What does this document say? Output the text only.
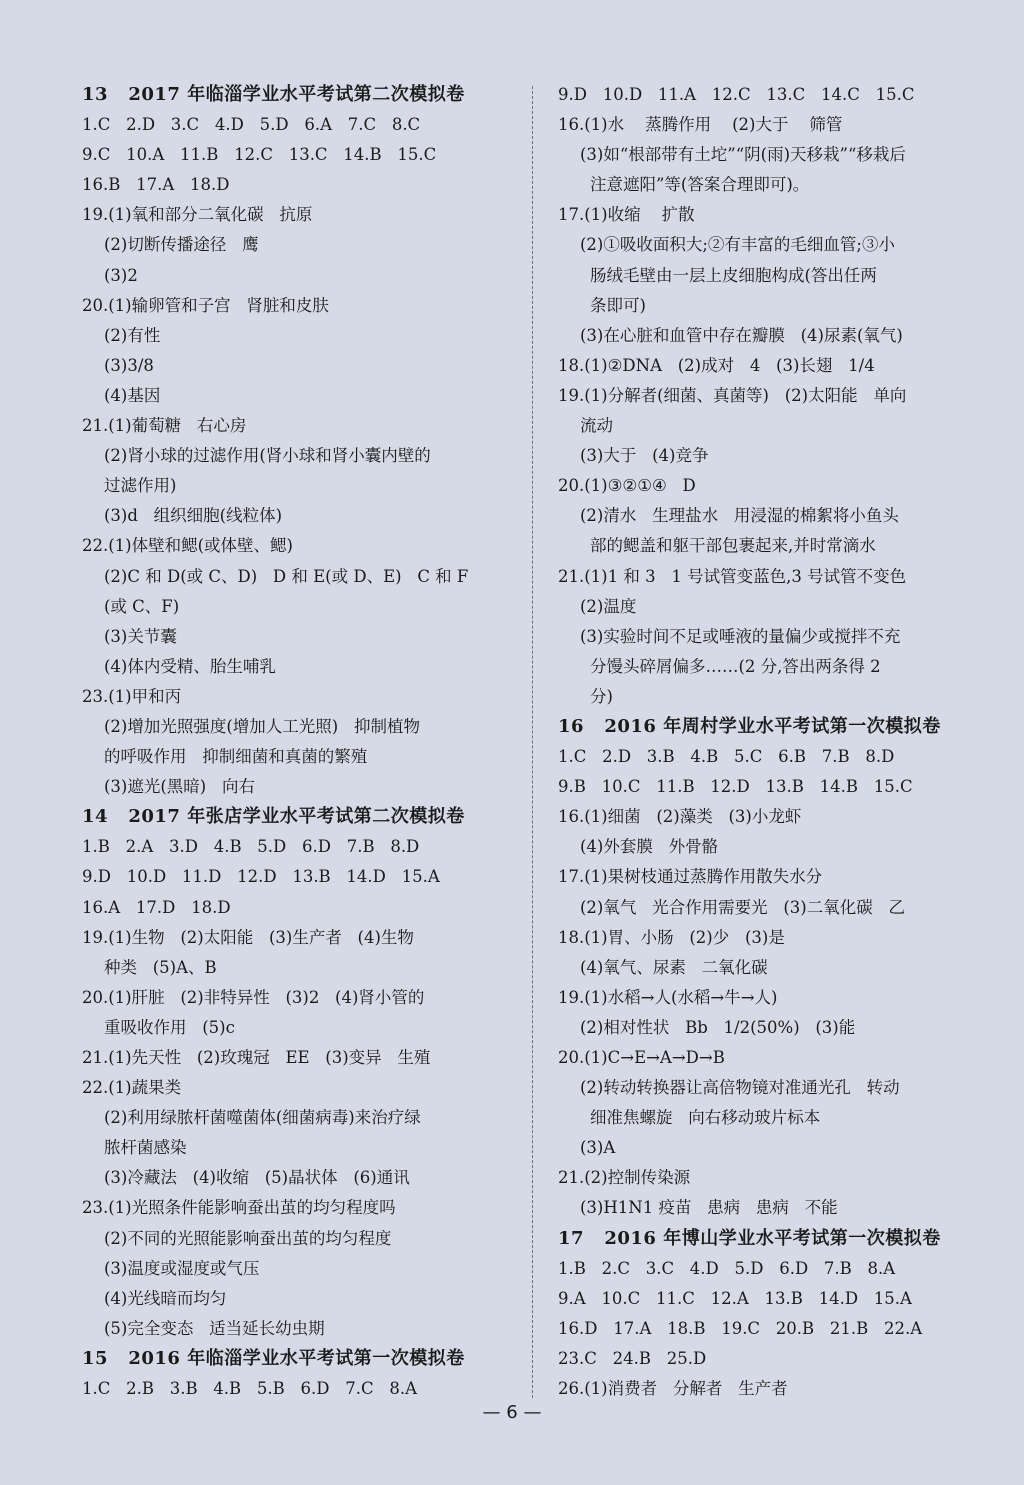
13   2017 年临淄学业水平考试第二次模拟卷
1.C   2.D   3.C   4.D   5.D   6.A   7.C   8.C
9.C   10.A   11.B   12.C   13.C   14.B   15.C
16.B   17.A   18.D
19.(1)氧和部分二氧化碳   抗原
(2)切断传播途径   鹰
(3)2
20.(1)输卵管和子宫   肾脏和皮肤
(2)有性
(3)3/8
(4)基因
21.(1)葡萄糖   右心房
(2)肾小球的过滤作用(肾小球和肾小囊内壁的
过滤作用)
(3)d   组织细胞(线粒体)
22.(1)体壁和鳃(或体壁、鳃)
(2)C 和 D(或 C、D)   D 和 E(或 D、E)   C 和 F
(或 C、F)
(3)关节囊
(4)体内受精、胎生哺乳
23.(1)甲和丙
(2)增加光照强度(增加人工光照)   抑制植物
的呼吸作用   抑制细菌和真菌的繁殖
(3)遮光(黑暗)   向右
14   2017 年张店学业水平考试第二次模拟卷
1.B   2.A   3.D   4.B   5.D   6.D   7.B   8.D
9.D   10.D   11.D   12.D   13.B   14.D   15.A
16.A   17.D   18.D
19.(1)生物   (2)太阳能   (3)生产者   (4)生物
种类   (5)A、B
20.(1)肝脏   (2)非特异性   (3)2   (4)肾小管的
重吸收作用   (5)c
21.(1)先天性   (2)玫瑰冠   EE   (3)变异   生殖
22.(1)蔬果类
(2)利用绿脓杆菌噬菌体(细菌病毒)来治疗绿
脓杆菌感染
(3)冷藏法   (4)收缩   (5)晶状体   (6)通讯
23.(1)光照条件能影响蚕出茧的均匀程度吗
(2)不同的光照能影响蚕出茧的均匀程度
(3)温度或湿度或气压
(4)光线暗而均匀
(5)完全变态   适当延长幼虫期
15   2016 年临淄学业水平考试第一次模拟卷
1.C   2.B   3.B   4.B   5.B   6.D   7.C   8.A
9.D   10.D   11.A   12.C   13.C   14.C   15.C
16.(1)水    蒸腾作用    (2)大于    筛管
(3)如“根部带有土坨”“阴(雨)天移栽”“移栽后
注意遮阳”等(答案合理即可)。
17.(1)收缩    扩散
(2)①吸收面积大;②有丰富的毛细血管;③小
肠绒毛壁由一层上皮细胞构成(答出任两
条即可)
(3)在心脏和血管中存在瓣膜   (4)尿素(氧气)
18.(1)②DNA   (2)成对   4   (3)长翅   1/4
19.(1)分解者(细菌、真菌等)   (2)太阳能   单向
流动
(3)大于   (4)竞争
20.(1)③②①④   D
(2)清水   生理盐水   用浸湿的棉絮将小鱼头
部的鳃盖和躯干部包裹起来,并时常滴水
21.(1)1 和 3   1 号试管变蓝色,3 号试管不变色
(2)温度
(3)实验时间不足或唾液的量偏少或搅拌不充
分馒头碎屑偏多……(2 分,答出两条得 2
分)
16   2016 年周村学业水平考试第一次模拟卷
1.C   2.D   3.B   4.B   5.C   6.B   7.B   8.D
9.B   10.C   11.B   12.D   13.B   14.B   15.C
16.(1)细菌   (2)藻类   (3)小龙虾
(4)外套膜   外骨骼
17.(1)果树枝通过蒸腾作用散失水分
(2)氧气   光合作用需要光   (3)二氧化碳   乙
18.(1)胃、小肠   (2)少   (3)是
(4)氧气、尿素   二氧化碳
19.(1)水稻→人(水稻→牛→人)
(2)相对性状   Bb   1/2(50%)   (3)能
20.(1)C→E→A→D→B
(2)转动转换器让高倍物镜对准通光孔   转动
细准焦螺旋   向右移动玻片标本
(3)A
21.(2)控制传染源
(3)H1N1 疫苗   患病   患病   不能
17   2016 年博山学业水平考试第一次模拟卷
1.B   2.C   3.C   4.D   5.D   6.D   7.B   8.A
9.A   10.C   11.C   12.A   13.B   14.D   15.A
16.D   17.A   18.B   19.C   20.B   21.B   22.A
23.C   24.B   25.D
26.(1)消费者   分解者   生产者
— 6 —
